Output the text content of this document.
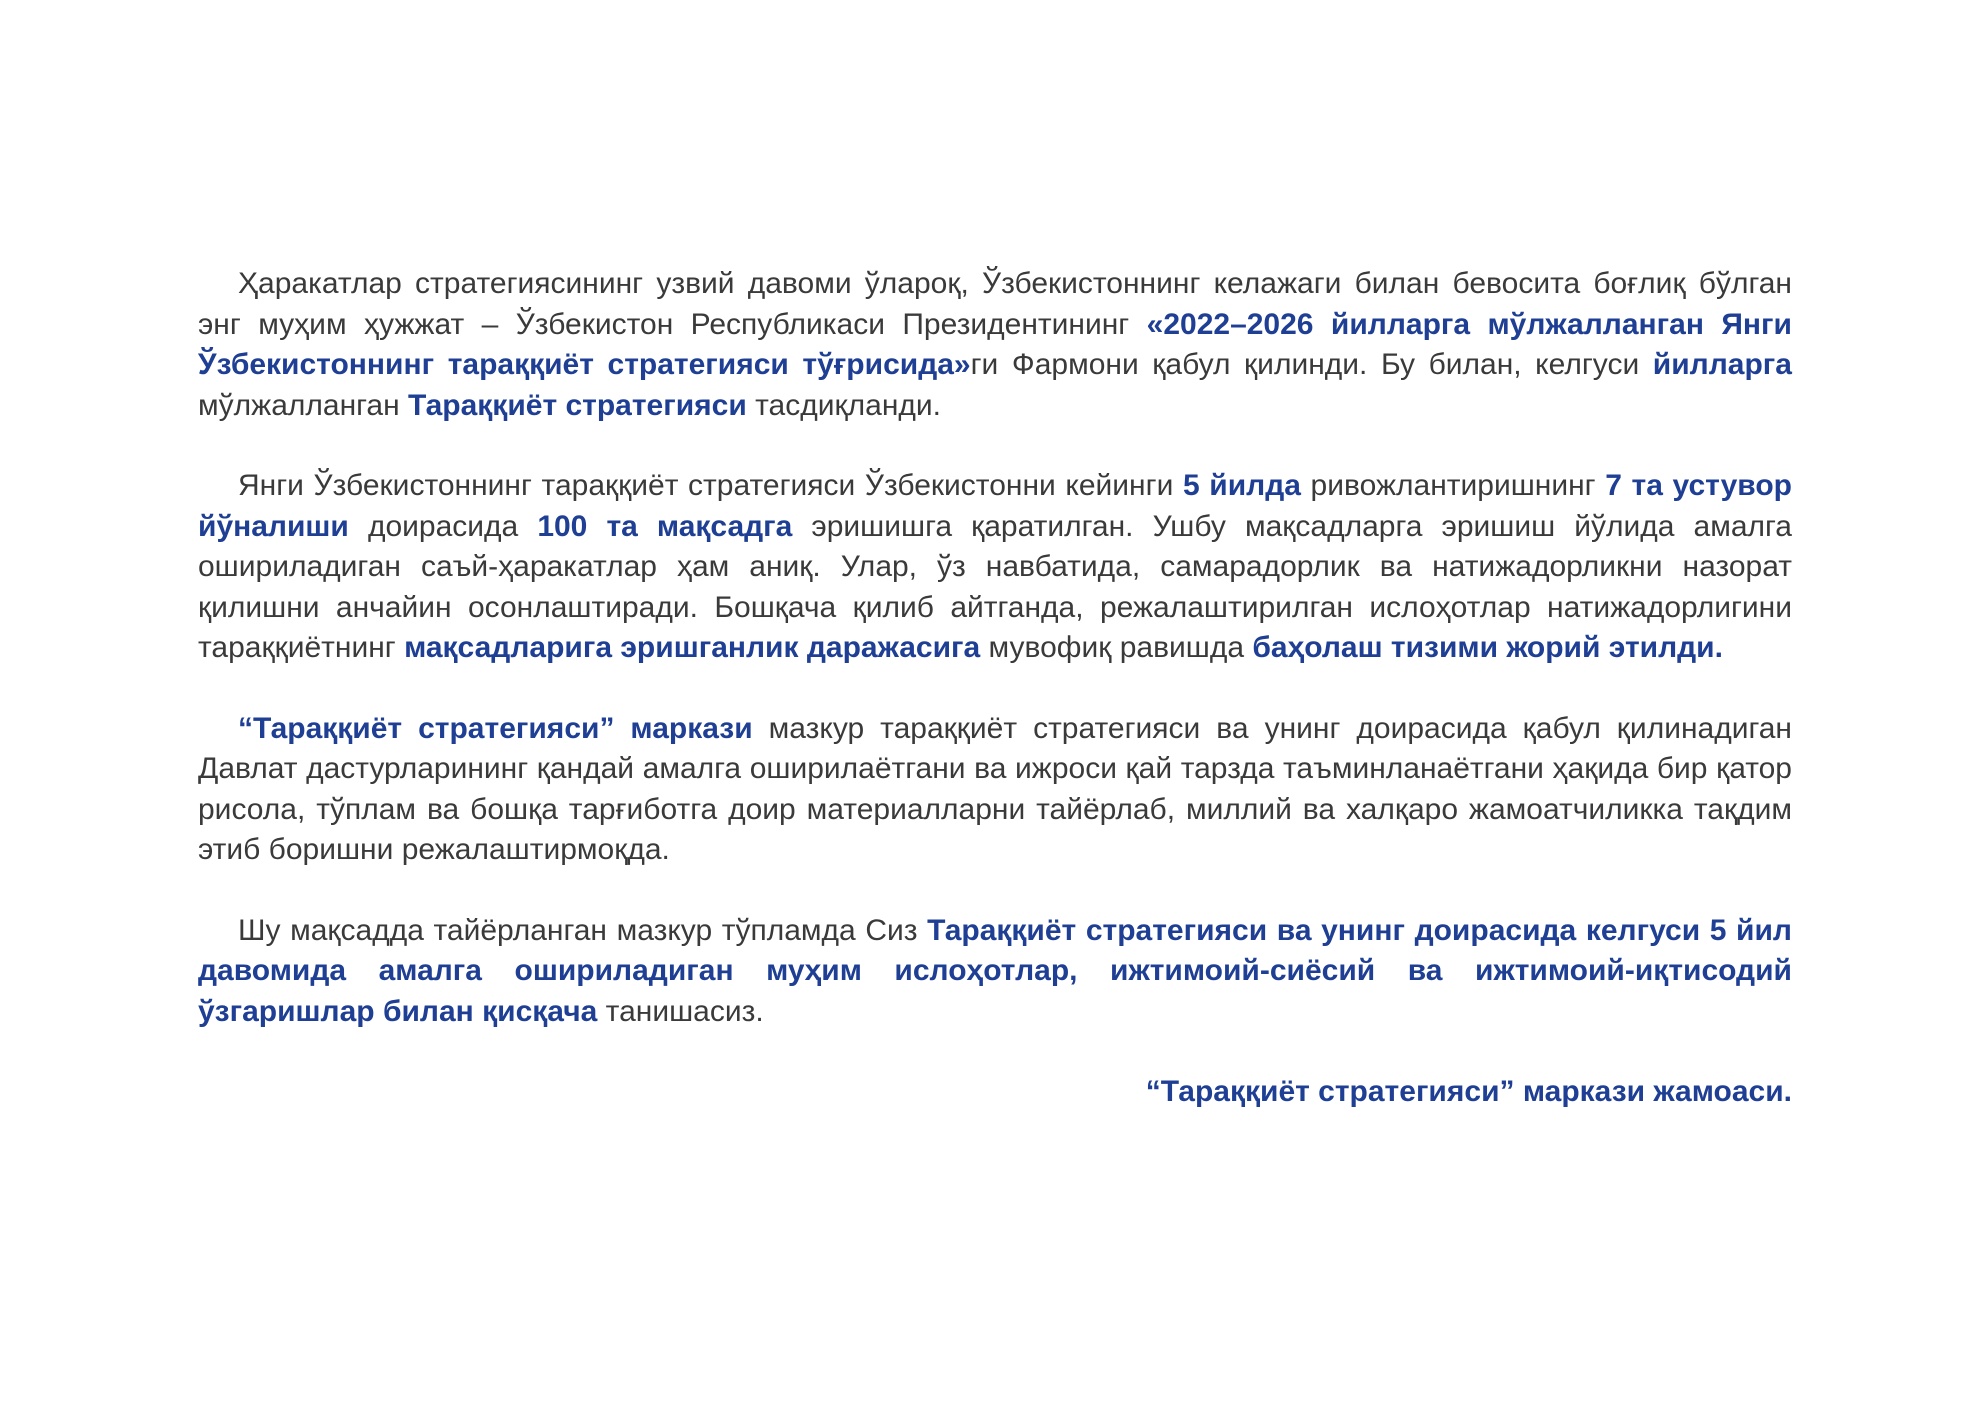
Ҳаракатлар стратегиясининг узвий давоми ўлароқ, Ўзбекистоннинг келажаги билан бевосита боғлиқ бўлган энг муҳим ҳужжат – Ўзбекистон Республикаси Президентининг «2022–2026 йилларга мўлжалланган Янги Ўзбекистоннинг тараққиёт стратегияси тўғрисида»ги Фармони қабул қилинди. Бу билан, келгуси йилларга мўлжалланган Тараққиёт стратегияси тасдиқланди.

Янги Ўзбекистоннинг тараққиёт стратегияси Ўзбекистонни кейинги 5 йилда ривожлантиришнинг 7 та устувор йўналиши доирасида 100 та мақсадга эришишга қаратилган. Ушбу мақсадларга эришиш йўлида амалга ошириладиган саъй-ҳаракатлар ҳам аниқ. Улар, ўз навбатида, самарадорлик ва натижадорликни назорат қилишни анчайин осонлаштиради. Бошқача қилиб айтганда, режалаштирилган ислоҳотлар натижадорлигини тараққиётнинг мақсадларига эришганлик даражасига мувофиқ равишда баҳолаш тизими жорий этилди.

“Тараққиёт стратегияси” маркази мазкур тараққиёт стратегияси ва унинг доирасида қабул қилинадиган Давлат дастурларининг қандай амалга оширилаётгани ва ижроси қай тарзда таъминланаётгани ҳақида бир қатор рисола, тўплам ва бошқа тарғиботга доир материалларни тайёрлаб, миллий ва халқаро жамоатчиликка тақдим этиб боришни режалаштирмоқда.

Шу мақсадда тайёрланган мазкур тўпламда Сиз Тараққиёт стратегияси ва унинг доирасида келгуси 5 йил давомида амалга ошириладиган муҳим ислоҳотлар, ижтимоий-сиёсий ва ижтимоий-иқтисодий ўзгаришлар билан қисқача танишасиз.

“Тараққиёт стратегияси” маркази жамоаси.
